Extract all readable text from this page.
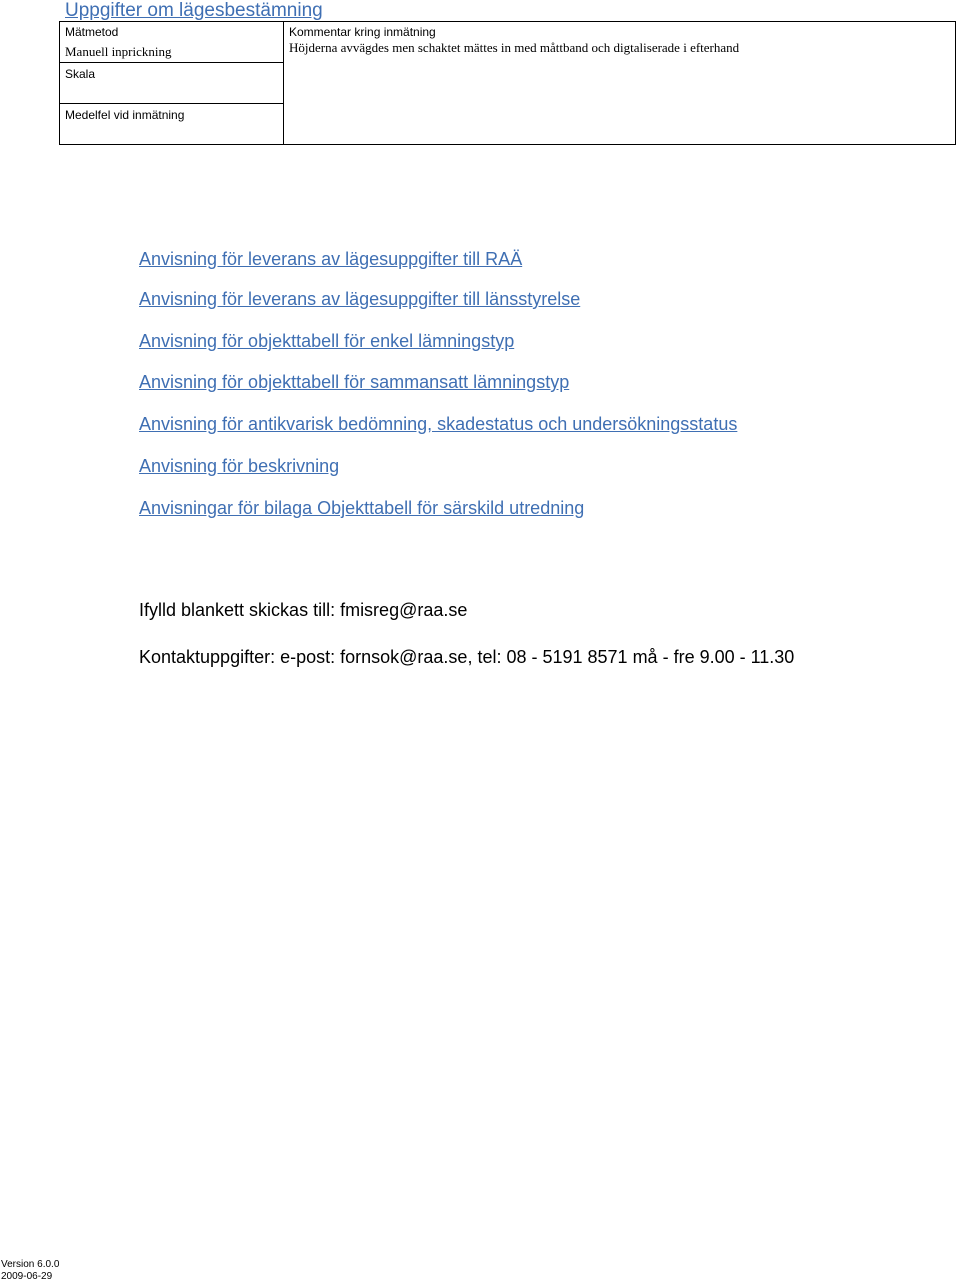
Uppgifter om lägesbestämning
Mätmetod
Manuell inprickning
Skala
Medelfel vid inmätning
Kommentar kring inmätning
Höjderna avvägdes men schaktet mättes in med måttband och digtaliserade i efterhand
Anvisning för leverans av lägesuppgifter till RAÄ
Anvisning för leverans av lägesuppgifter till länsstyrelse
Anvisning för objekttabell för enkel lämningstyp
Anvisning för objekttabell för sammansatt lämningstyp
Anvisning för antikvarisk bedömning, skadestatus och undersökningsstatus
Anvisning för beskrivning
Anvisningar för bilaga Objekttabell för särskild utredning
Ifylld blankett skickas till: fmisreg@raa.se
Kontaktuppgifter: e-post: fornsok@raa.se, tel: 08 - 5191 8571 må - fre 9.00 - 11.30
Version 6.0.0
2009-06-29
